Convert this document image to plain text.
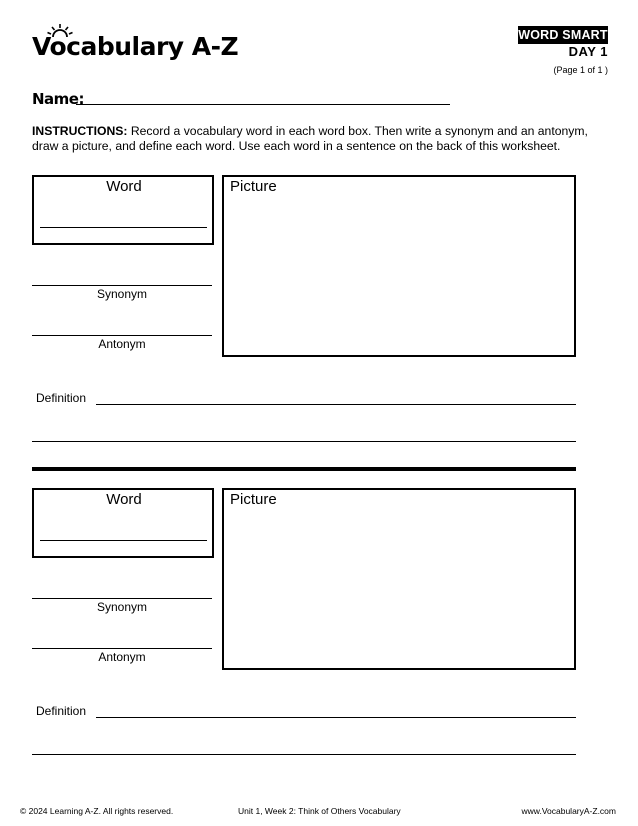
Vocabulary A-Z	WORD SMART
DAY 1
(Page 1 of 1 )
Name:
INSTRUCTIONS: Record a vocabulary word in each word box. Then write a synonym and an antonym, draw a picture, and define each word. Use each word in a sentence on the back of this worksheet.
Word	Picture
Synonym
Antonym
Definition
Word	Picture
Synonym
Antonym
Definition
© 2024 Learning A-Z. All rights reserved.	Unit 1, Week 2: Think of Others Vocabulary	www.VocabularyA-Z.com
